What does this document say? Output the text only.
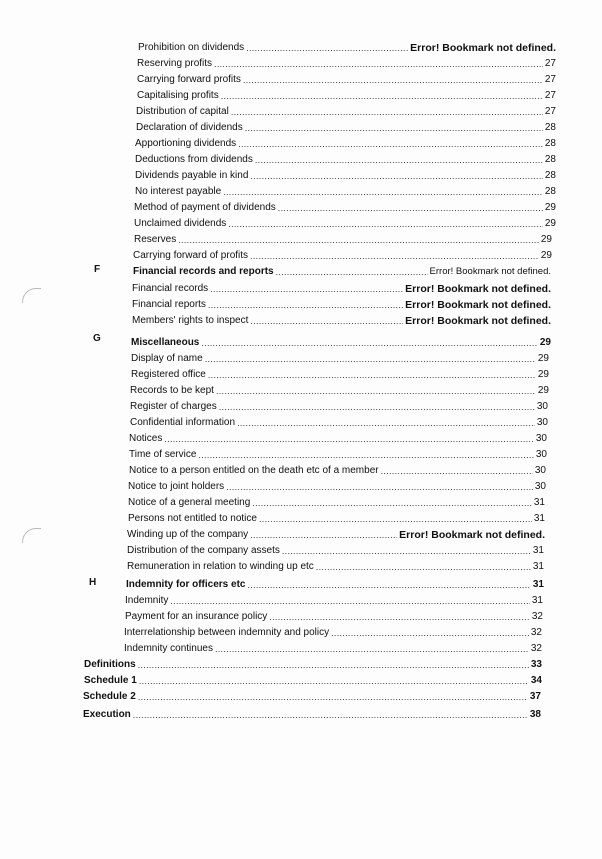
F
G
H
Prohibition on dividends .....	Error! Bookmark not defined.
Reserving profits .....	27
Carrying forward profits .....	27
Capitalising profits .....	27
Distribution of capital .....	27
Declaration of dividends .....	28
Apportioning dividends .....	28
Deductions from dividends .....	28
Dividends payable in kind .....	28
No interest payable .....	28
Method of payment of dividends .....	29
Unclaimed dividends .....	29
Reserves .....	29
Carrying forward of profits .....	29
Financial records and reports .....	Error! Bookmark not defined.
Financial records .....	Error! Bookmark not defined.
Financial reports .....	Error! Bookmark not defined.
Members' rights to inspect .....	Error! Bookmark not defined.
Miscellaneous .....	29
Display of name .....	29
Registered office .....	29
Records to be kept .....	29
Register of charges .....	30
Confidential information .....	30
Notices .....	30
Time of service .....	30
Notice to a person entitled on the death etc of a member .....	30
Notice to joint holders .....	30
Notice of a general meeting .....	31
Persons not entitled to notice .....	31
Winding up of the company .....	Error! Bookmark not defined.
Distribution of the company assets .....	31
Remuneration in relation to winding up etc .....	31
Indemnity for officers etc .....	31
Indemnity .....	31
Payment for an insurance policy .....	32
Interrelationship between indemnity and policy .....	32
Indemnity continues .....	32
Definitions .....	33
Schedule 1 .....	34
Schedule 2 .....	37
Execution .....	38
